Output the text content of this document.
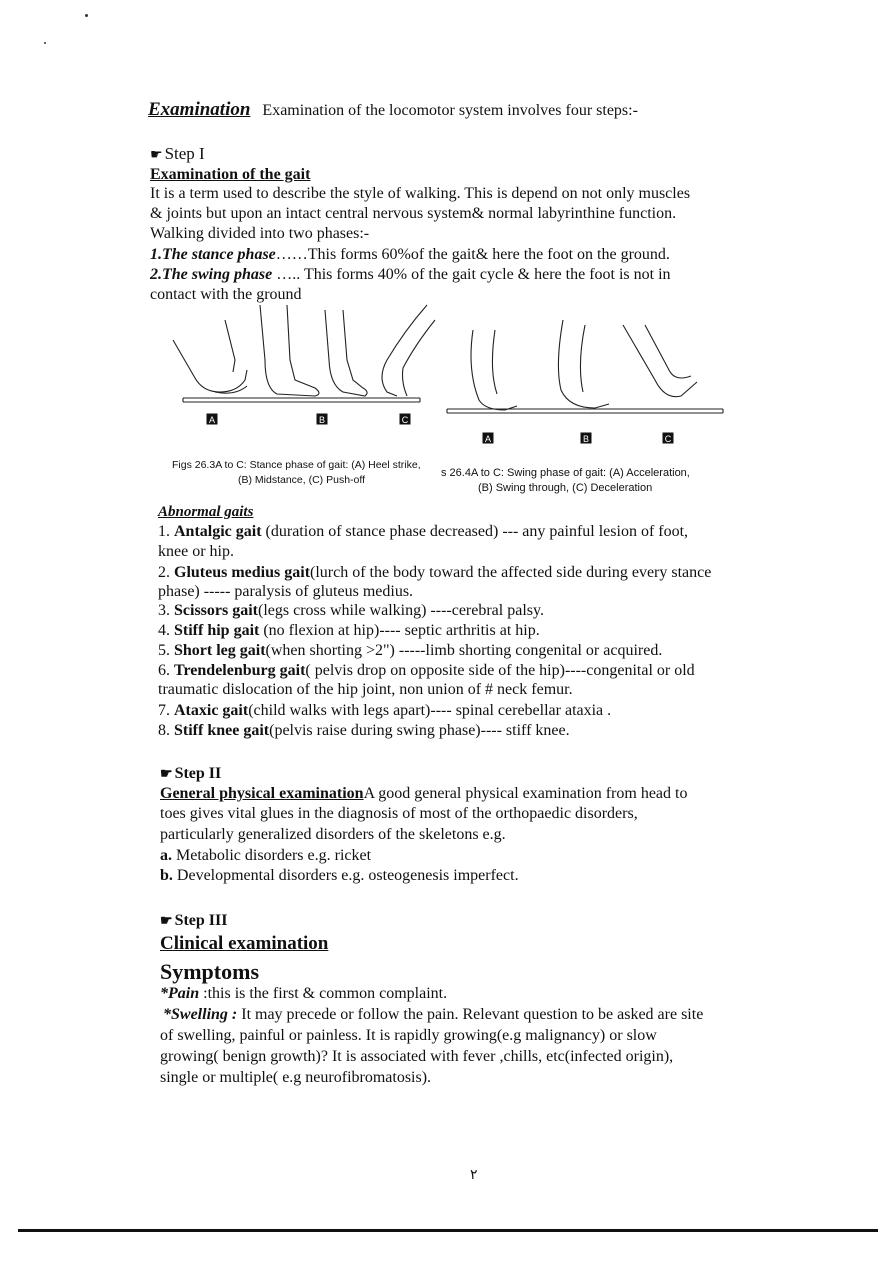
Examination Examination of the locomotor system involves four steps:-
☛ Step I
Examination of the gait
It is a term used to describe the style of walking. This is depend on not only muscles
& joints but upon an intact central nervous system& normal labyrinthine function.
Walking divided into two phases:-
1.The stance phase……This forms 60%of the gait& here the foot on the ground.
2.The swing phase ….. This forms 40% of the gait cycle & here the foot is not in
contact with the ground
A	B	C
A	B	C
Figs 26.3A to C: Stance phase of gait: (A) Heel strike,
(B) Midstance, (C) Push-off
s 26.4A to C: Swing phase of gait: (A) Acceleration,
(B) Swing through, (C) Deceleration
Abnormal gaits
1. Antalgic gait (duration of stance phase decreased) --- any painful lesion of foot,
knee or hip.
2. Gluteus medius gait(lurch of the body toward the affected side during every stance
phase) ----- paralysis of gluteus medius.
3. Scissors gait(legs cross while walking) ----cerebral palsy.
4. Stiff hip gait (no flexion at hip)---- septic arthritis at hip.
5. Short leg gait(when shorting >2") -----limb shorting congenital or acquired.
6. Trendelenburg gait( pelvis drop on opposite side of the hip)----congenital or old
traumatic dislocation of the hip joint, non union of # neck femur.
7. Ataxic gait(child walks with legs apart)---- spinal cerebellar ataxia .
8. Stiff knee gait(pelvis raise during swing phase)---- stiff knee.
☛ Step II
General physical examinationA good general physical examination from head to
toes gives vital glues in the diagnosis of most of the orthopaedic disorders,
particularly generalized disorders of the skeletons e.g.
a. Metabolic disorders e.g. ricket
b. Developmental disorders e.g. osteogenesis imperfect.
☛ Step III
Clinical examination
Symptoms
*Pain :this is the first & common complaint.
*Swelling : It may precede or follow the pain. Relevant question to be asked are site
of swelling, painful or painless. It is rapidly growing(e.g malignancy) or slow
growing( benign growth)? It is associated with fever ,chills, etc(infected origin),
single or multiple( e.g neurofibromatosis).
٢
